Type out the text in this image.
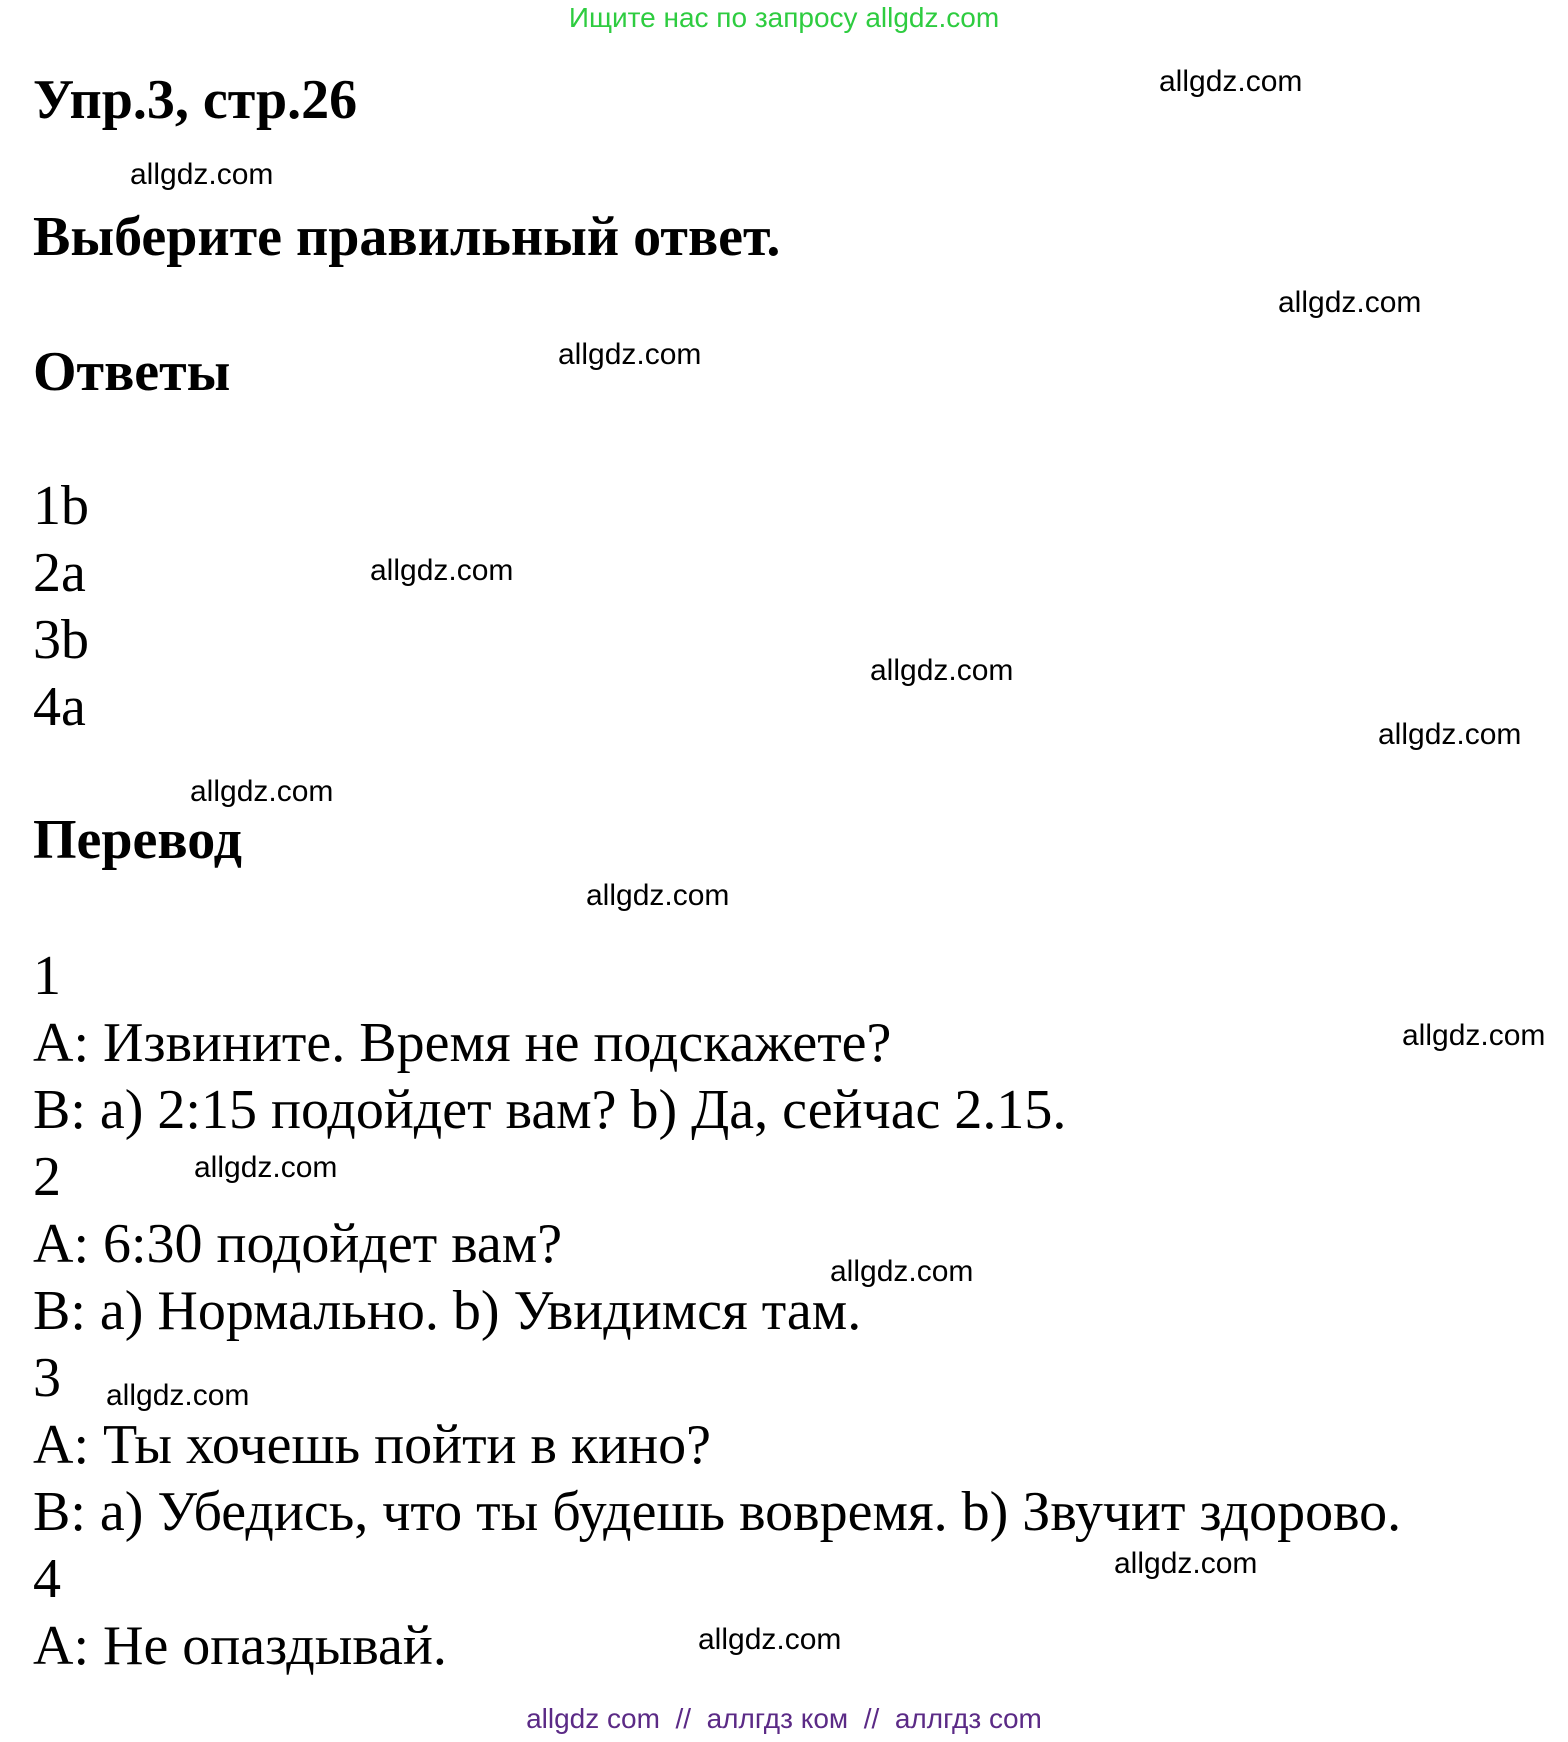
Ищите нас по запросу allgdz.com
Упр.3, стр.26
Выберите правильный ответ.
Ответы
1b
2a
3b
4a
Перевод
1
A: Извините. Время не подскажете?
B: a) 2:15 подойдет вам? b) Да, сейчас 2.15.
2
A: 6:30 подойдет вам?
B: a) Нормально. b) Увидимся там.
3
A: Ты хочешь пойти в кино?
B: a) Убедись, что ты будешь вовремя. b) Звучит здорово.
4
A: Не опаздывай.
allgdz.com
allgdz.com
allgdz.com
allgdz.com
allgdz.com
allgdz.com
allgdz.com
allgdz.com
allgdz.com
allgdz.com
allgdz.com
allgdz.com
allgdz.com
allgdz.com
allgdz.com
allgdz com  //  аллгдз ком  //  аллгдз com
